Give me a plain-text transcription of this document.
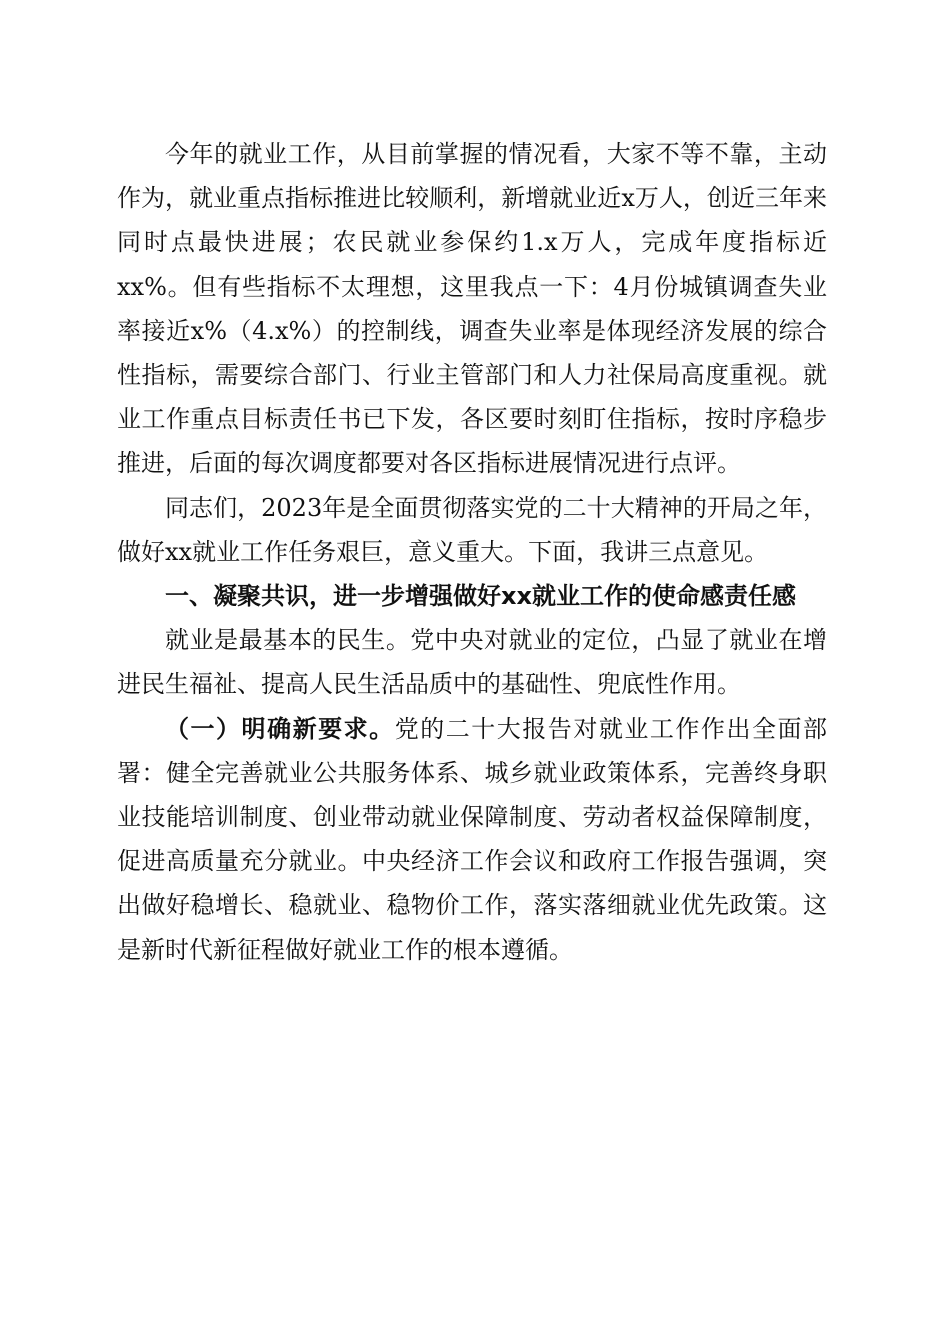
今年的就业工作，从目前掌握的情况看，大家不等不靠，主动作为，就业重点指标推进比较顺利，新增就业近x万人，创近三年来同时点最快进展；农民就业参保约1.x万人，完成年度指标近xx%。但有些指标不太理想，这里我点一下：4月份城镇调查失业率接近x%（4.x%）的控制线，调查失业率是体现经济发展的综合性指标，需要综合部门、行业主管部门和人力社保局高度重视。就业工作重点目标责任书已下发，各区要时刻盯住指标，按时序稳步推进，后面的每次调度都要对各区指标进展情况进行点评。

同志们，2023年是全面贯彻落实党的二十大精神的开局之年，做好xx就业工作任务艰巨，意义重大。下面，我讲三点意见。

一、凝聚共识，进一步增强做好xx就业工作的使命感责任感

就业是最基本的民生。党中央对就业的定位，凸显了就业在增进民生福祉、提高人民生活品质中的基础性、兜底性作用。

（一）明确新要求。党的二十大报告对就业工作作出全面部署：健全完善就业公共服务体系、城乡就业政策体系，完善终身职业技能培训制度、创业带动就业保障制度、劳动者权益保障制度，促进高质量充分就业。中央经济工作会议和政府工作报告强调，突出做好稳增长、稳就业、稳物价工作，落实落细就业优先政策。这是新时代新征程做好就业工作的根本遵循。
